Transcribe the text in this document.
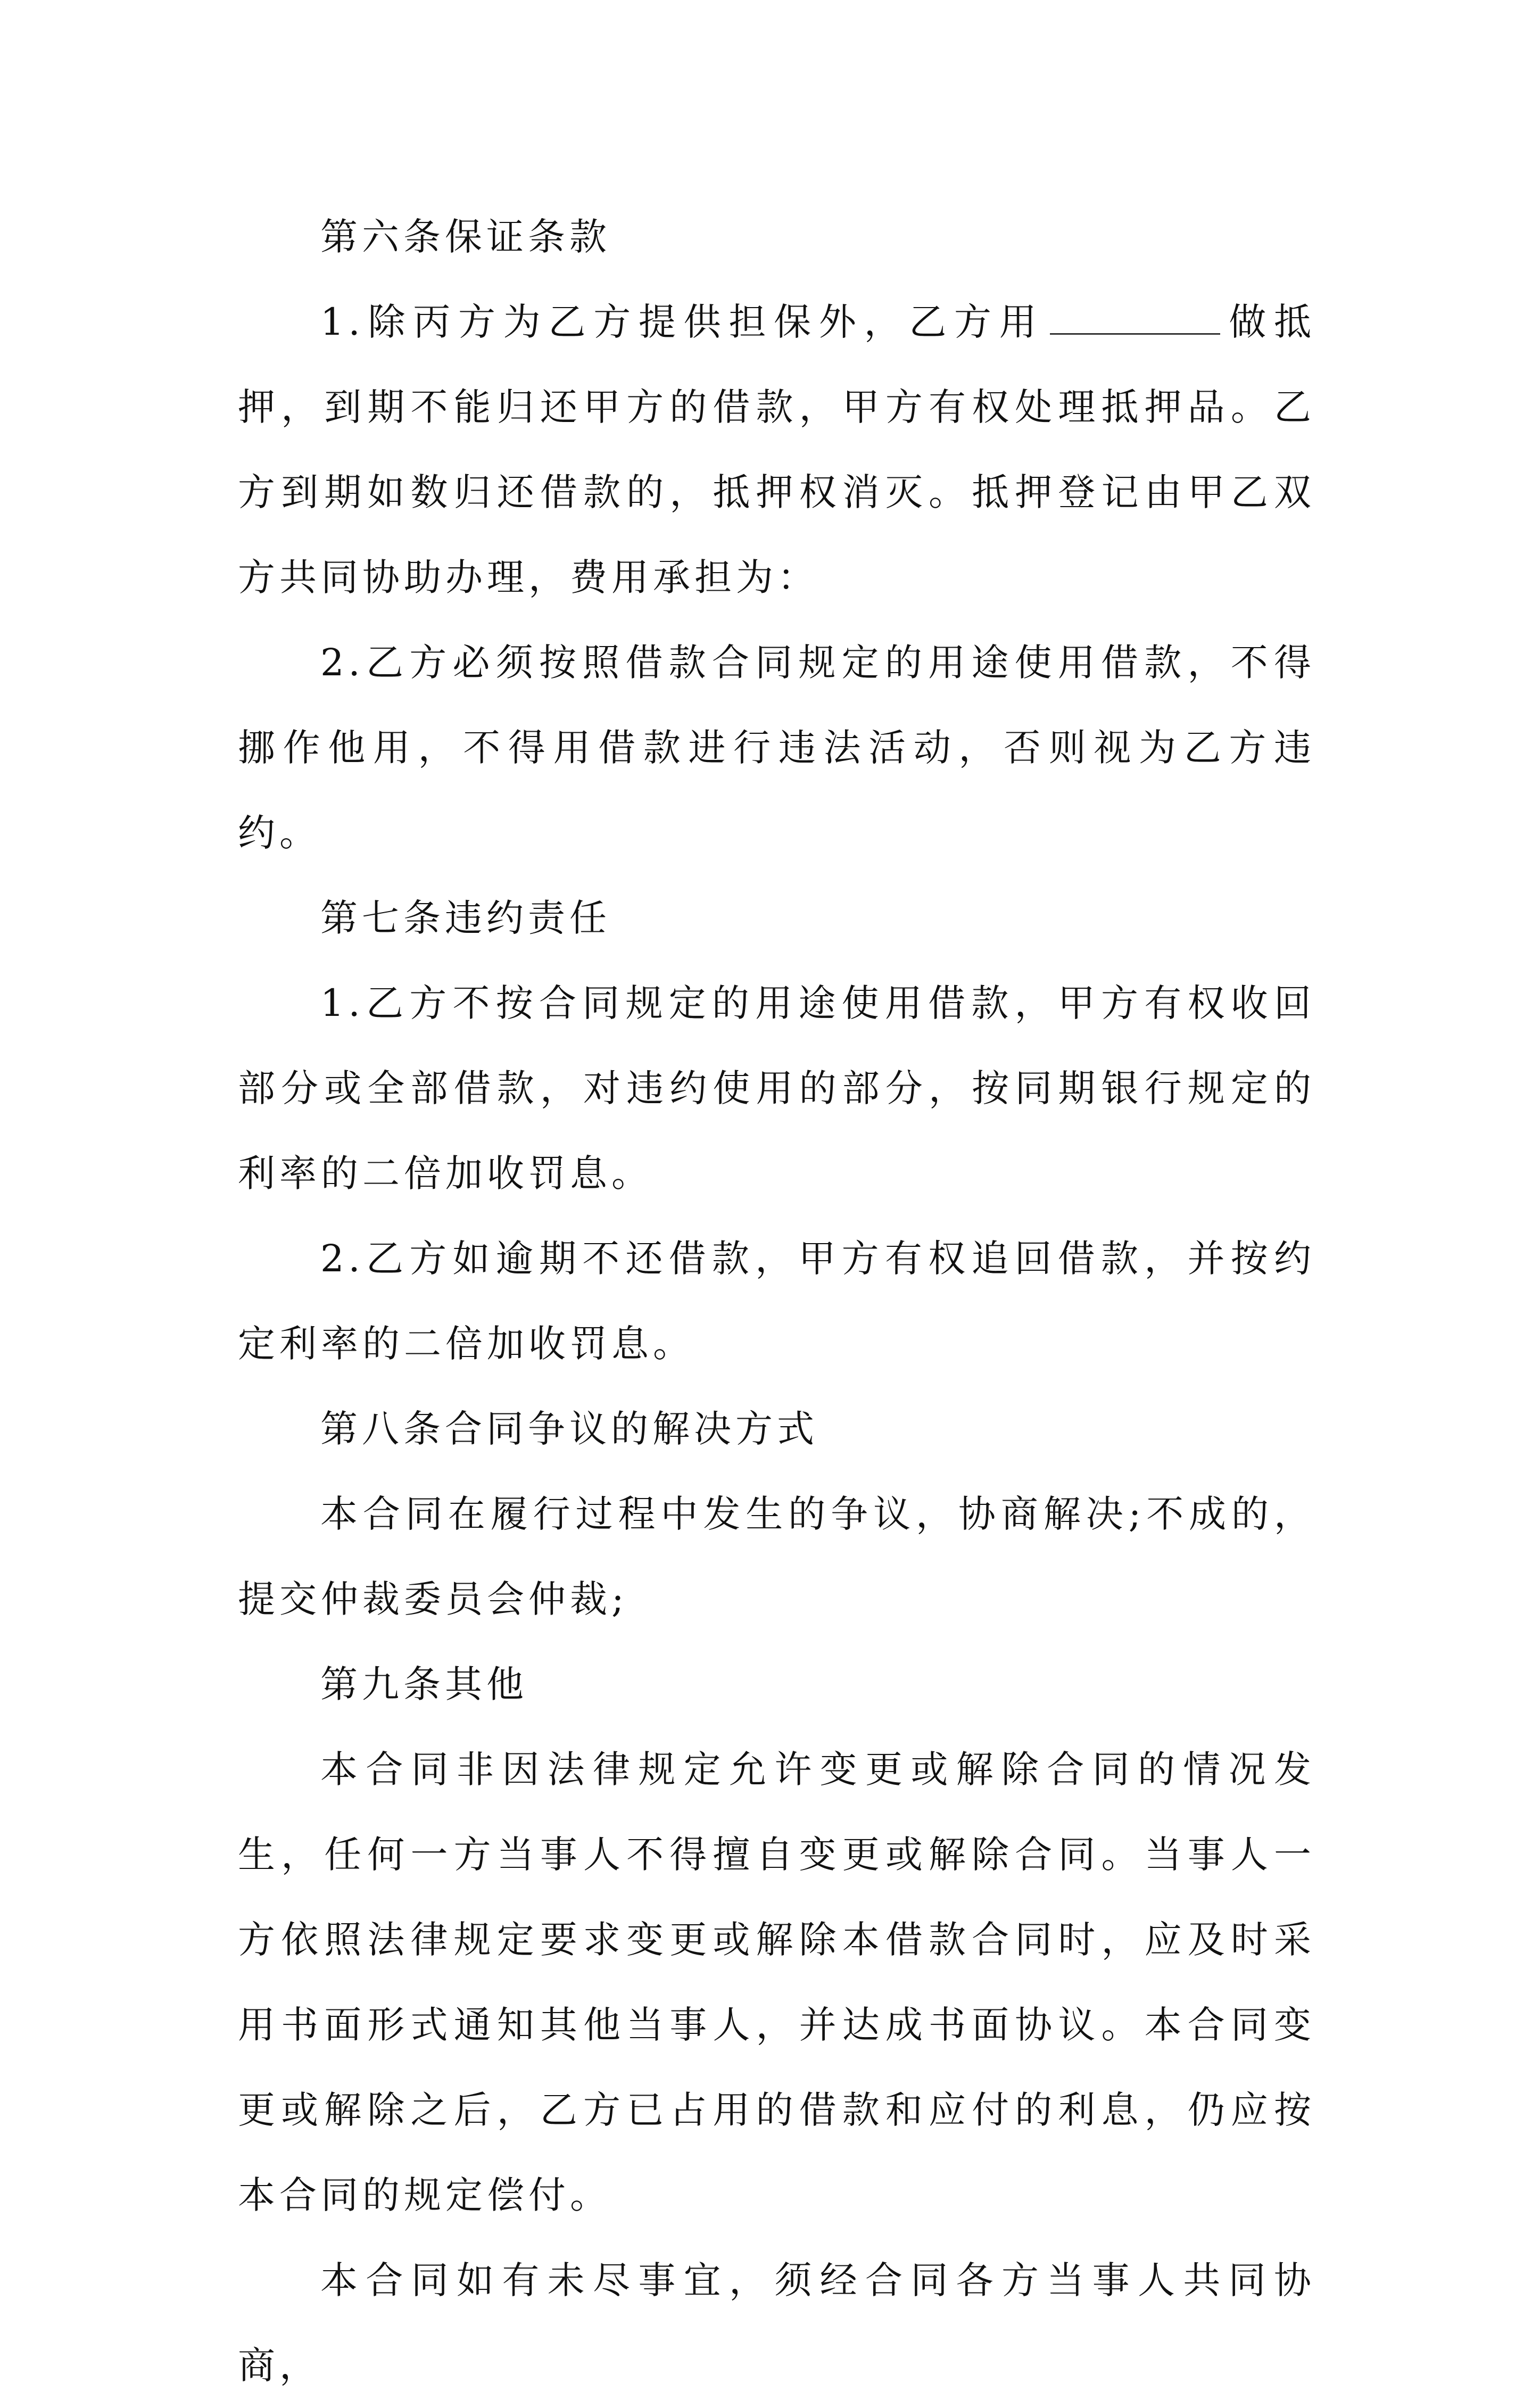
第六条保证条款

1.除丙方为乙方提供担保外，乙方用	做抵押，到期不能归还甲方的借款，甲方有权处理抵押品。乙方到期如数归还借款的，抵押权消灭。抵押登记由甲乙双方共同协助办理，费用承担为：

2.乙方必须按照借款合同规定的用途使用借款，不得挪作他用，不得用借款进行违法活动，否则视为乙方违约。

第七条违约责任

1.乙方不按合同规定的用途使用借款，甲方有权收回部分或全部借款，对违约使用的部分，按同期银行规定的利率的二倍加收罚息。

2.乙方如逾期不还借款，甲方有权追回借款，并按约定利率的二倍加收罚息。

第八条合同争议的解决方式

本合同在履行过程中发生的争议，协商解决;不成的，提交仲裁委员会仲裁;

第九条其他

本合同非因法律规定允许变更或解除合同的情况发生，任何一方当事人不得擅自变更或解除合同。当事人一方依照法律规定要求变更或解除本借款合同时，应及时采用书面形式通知其他当事人，并达成书面协议。本合同变更或解除之后，乙方已占用的借款和应付的利息，仍应按本合同的规定偿付。

本合同如有未尽事宜，须经合同各方当事人共同协商，
